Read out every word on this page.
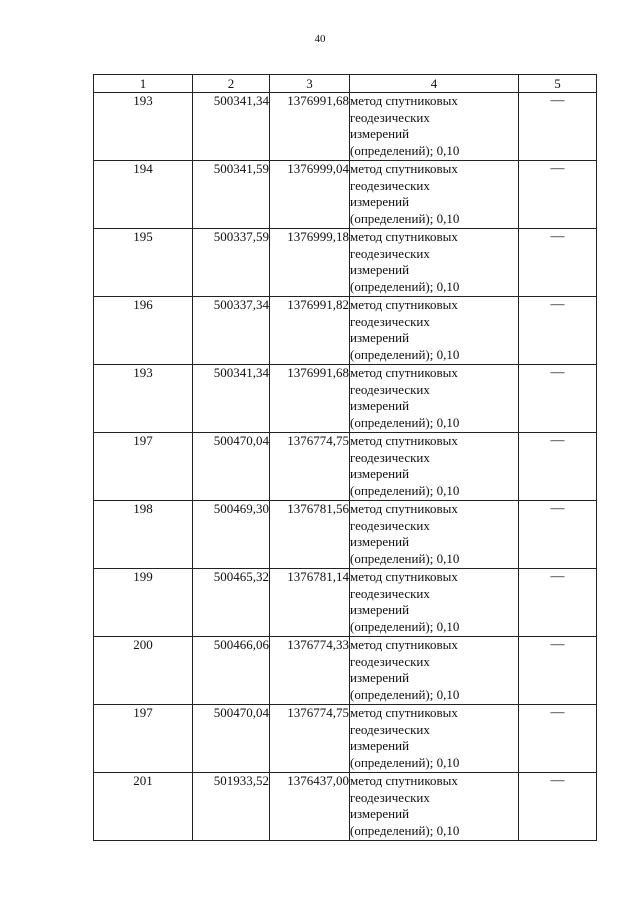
40
1	2	3	4	5
193	500341,34	1376991,68	метод спутниковых геодезических измерений (определений); 0,10	—
194	500341,59	1376999,04	метод спутниковых геодезических измерений (определений); 0,10	—
195	500337,59	1376999,18	метод спутниковых геодезических измерений (определений); 0,10	—
196	500337,34	1376991,82	метод спутниковых геодезических измерений (определений); 0,10	—
193	500341,34	1376991,68	метод спутниковых геодезических измерений (определений); 0,10	—
197	500470,04	1376774,75	метод спутниковых геодезических измерений (определений); 0,10	—
198	500469,30	1376781,56	метод спутниковых геодезических измерений (определений); 0,10	—
199	500465,32	1376781,14	метод спутниковых геодезических измерений (определений); 0,10	—
200	500466,06	1376774,33	метод спутниковых геодезических измерений (определений); 0,10	—
197	500470,04	1376774,75	метод спутниковых геодезических измерений (определений); 0,10	—
201	501933,52	1376437,00	метод спутниковых геодезических измерений (определений); 0,10	—
